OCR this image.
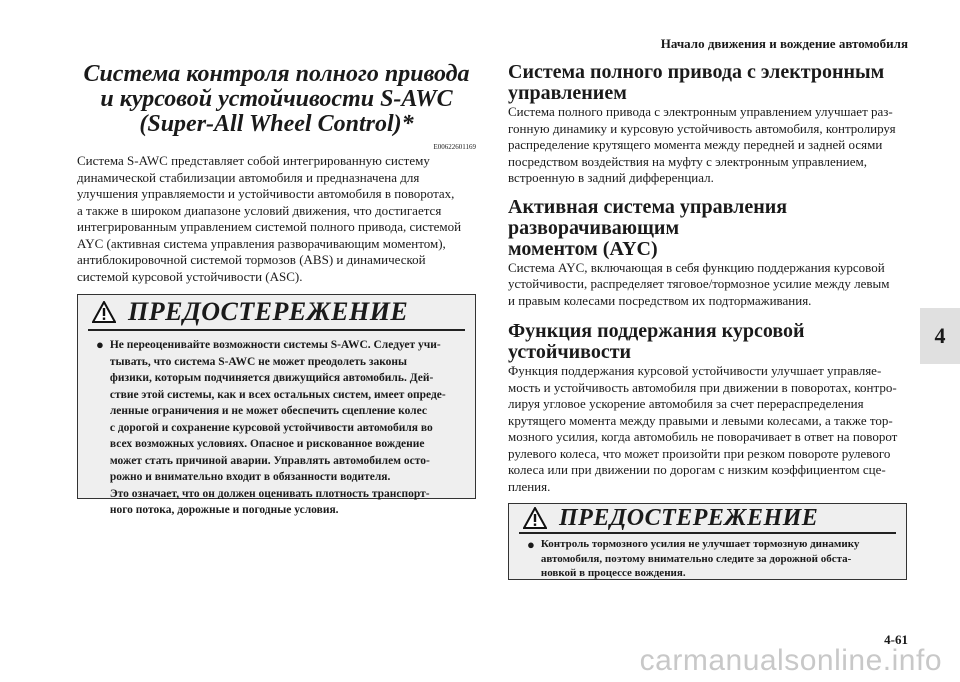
Начало движения и вождение автомобиля
4
Система контроля полного привода
и курсовой устойчивости S-AWC
(Super-All Wheel Control)*
E00622601169
Система S-AWC представляет собой интегрированную систему
динамической стабилизации автомобиля и предназначена для
улучшения управляемости и устойчивости автомобиля в поворотах,
а также в широком диапазоне условий движения, что достигается
интегрированным управлением системой полного привода, системой
AYC (активная система управления разворачивающим моментом),
антиблокировочной системой тормозов (ABS) и динамической
системой курсовой устойчивости (ASC).
ПРЕДОСТЕРЕЖЕНИЕ
● Не переоценивайте возможности системы S-AWC. Следует учи-
тывать, что система S-AWC не может преодолеть законы
физики, которым подчиняется движущийся автомобиль. Дей-
ствие этой системы, как и всех остальных систем, имеет опреде-
ленные ограничения и не может обеспечить сцепление колес
с дорогой и сохранение курсовой устойчивости автомобиля во
всех возможных условиях. Опасное и рискованное вождение
может стать причиной аварии. Управлять автомобилем осто-
рожно и внимательно входит в обязанности водителя.
Это означает, что он должен оценивать плотность транспорт-
ного потока, дорожные и погодные условия.
Система полного привода с электронным
управлением
Система полного привода с электронным управлением улучшает раз-
гонную динамику и курсовую устойчивость автомобиля, контролируя
распределение крутящего момента между передней и задней осями
посредством воздействия на муфту с электронным управлением,
встроенную в задний дифференциал.
Активная система управления разворачивающим
моментом (AYC)
Система AYC, включающая в себя функцию поддержания курсовой
устойчивости, распределяет тяговое/тормозное усилие между левым
и правым колесами посредством их подтормаживания.
Функция поддержания курсовой устойчивости
Функция поддержания курсовой устойчивости улучшает управляе-
мость и устойчивость автомобиля при движении в поворотах, контро-
лируя угловое ускорение автомобиля за счет перераспределения
крутящего момента между правыми и левыми колесами, а также тор-
мозного усилия, когда автомобиль не поворачивает в ответ на поворот
рулевого колеса, что может произойти при резком повороте рулевого
колеса или при движении по дорогам с низким коэффициентом сце-
пления.
ПРЕДОСТЕРЕЖЕНИЕ
● Контроль тормозного усилия не улучшает тормозную динамику
автомобиля, поэтому внимательно следите за дорожной обста-
новкой в процессе вождения.
4-61
carmanualsonline.info
